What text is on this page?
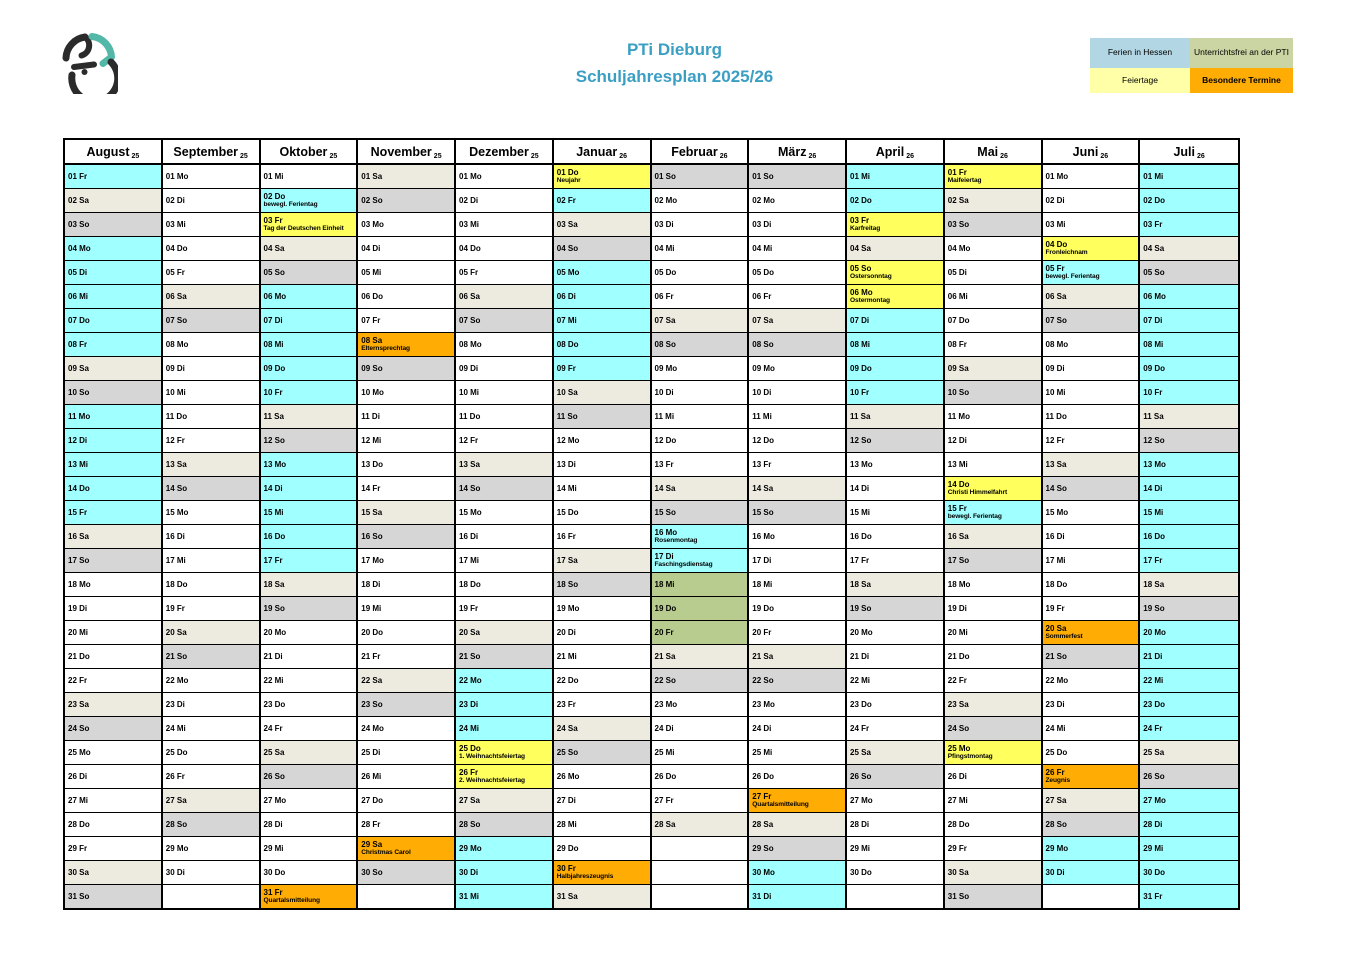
PTi Dieburg
Schuljahresplan 2025/26
Ferien in Hessen	Unterrichtsfrei an der PTI
Feiertage	Besondere Termine
August 25
01 Fr
02 Sa
03 So
04 Mo
05 Di
06 Mi
07 Do
08 Fr
09 Sa
10 So
11 Mo
12 Di
13 Mi
14 Do
15 Fr
16 Sa
17 So
18 Mo
19 Di
20 Mi
21 Do
22 Fr
23 Sa
24 So
25 Mo
26 Di
27 Mi
28 Do
29 Fr
30 Sa
31 So
September 25
01 Mo
02 Di
03 Mi
04 Do
05 Fr
06 Sa
07 So
08 Mo
09 Di
10 Mi
11 Do
12 Fr
13 Sa
14 So
15 Mo
16 Di
17 Mi
18 Do
19 Fr
20 Sa
21 So
22 Mo
23 Di
24 Mi
25 Do
26 Fr
27 Sa
28 So
29 Mo
30 Di
Oktober 25
01 Mi
02 Do
bewegl. Ferientag
03 Fr
Tag der Deutschen Einheit
04 Sa
05 So
06 Mo
07 Di
08 Mi
09 Do
10 Fr
11 Sa
12 So
13 Mo
14 Di
15 Mi
16 Do
17 Fr
18 Sa
19 So
20 Mo
21 Di
22 Mi
23 Do
24 Fr
25 Sa
26 So
27 Mo
28 Di
29 Mi
30 Do
31 Fr
Quartalsmitteilung
November 25
01 Sa
02 So
03 Mo
04 Di
05 Mi
06 Do
07 Fr
08 Sa
Elternsprechtag
09 So
10 Mo
11 Di
12 Mi
13 Do
14 Fr
15 Sa
16 So
17 Mo
18 Di
19 Mi
20 Do
21 Fr
22 Sa
23 So
24 Mo
25 Di
26 Mi
27 Do
28 Fr
29 Sa
Christmas Carol
30 So
Dezember 25
01 Mo
02 Di
03 Mi
04 Do
05 Fr
06 Sa
07 So
08 Mo
09 Di
10 Mi
11 Do
12 Fr
13 Sa
14 So
15 Mo
16 Di
17 Mi
18 Do
19 Fr
20 Sa
21 So
22 Mo
23 Di
24 Mi
25 Do
1. Weihnachtsfeiertag
26 Fr
2. Weihnachtsfeiertag
27 Sa
28 So
29 Mo
30 Di
31 Mi
Januar 26
01 Do
Neujahr
02 Fr
03 Sa
04 So
05 Mo
06 Di
07 Mi
08 Do
09 Fr
10 Sa
11 So
12 Mo
13 Di
14 Mi
15 Do
16 Fr
17 Sa
18 So
19 Mo
20 Di
21 Mi
22 Do
23 Fr
24 Sa
25 So
26 Mo
27 Di
28 Mi
29 Do
30 Fr
Halbjahreszeugnis
31 Sa
Februar 26
01 So
02 Mo
03 Di
04 Mi
05 Do
06 Fr
07 Sa
08 So
09 Mo
10 Di
11 Mi
12 Do
13 Fr
14 Sa
15 So
16 Mo
Rosenmontag
17 Di
Faschingsdienstag
18 Mi
19 Do
20 Fr
21 Sa
22 So
23 Mo
24 Di
25 Mi
26 Do
27 Fr
28 Sa
März 26
01 So
02 Mo
03 Di
04 Mi
05 Do
06 Fr
07 Sa
08 So
09 Mo
10 Di
11 Mi
12 Do
13 Fr
14 Sa
15 So
16 Mo
17 Di
18 Mi
19 Do
20 Fr
21 Sa
22 So
23 Mo
24 Di
25 Mi
26 Do
27 Fr
Quartalsmitteilung
28 Sa
29 So
30 Mo
31 Di
April 26
01 Mi
02 Do
03 Fr
Karfreitag
04 Sa
05 So
Ostersonntag
06 Mo
Ostermontag
07 Di
08 Mi
09 Do
10 Fr
11 Sa
12 So
13 Mo
14 Di
15 Mi
16 Do
17 Fr
18 Sa
19 So
20 Mo
21 Di
22 Mi
23 Do
24 Fr
25 Sa
26 So
27 Mo
28 Di
29 Mi
30 Do
Mai 26
01 Fr
Maifeiertag
02 Sa
03 So
04 Mo
05 Di
06 Mi
07 Do
08 Fr
09 Sa
10 So
11 Mo
12 Di
13 Mi
14 Do
Christi Himmelfahrt
15 Fr
bewegl. Ferientag
16 Sa
17 So
18 Mo
19 Di
20 Mi
21 Do
22 Fr
23 Sa
24 So
25 Mo
Pfingstmontag
26 Di
27 Mi
28 Do
29 Fr
30 Sa
31 So
Juni 26
01 Mo
02 Di
03 Mi
04 Do
Fronleichnam
05 Fr
bewegl. Ferientag
06 Sa
07 So
08 Mo
09 Di
10 Mi
11 Do
12 Fr
13 Sa
14 So
15 Mo
16 Di
17 Mi
18 Do
19 Fr
20 Sa
Sommerfest
21 So
22 Mo
23 Di
24 Mi
25 Do
26 Fr
Zeugnis
27 Sa
28 So
29 Mo
30 Di
Juli 26
01 Mi
02 Do
03 Fr
04 Sa
05 So
06 Mo
07 Di
08 Mi
09 Do
10 Fr
11 Sa
12 So
13 Mo
14 Di
15 Mi
16 Do
17 Fr
18 Sa
19 So
20 Mo
21 Di
22 Mi
23 Do
24 Fr
25 Sa
26 So
27 Mo
28 Di
29 Mi
30 Do
31 Fr
